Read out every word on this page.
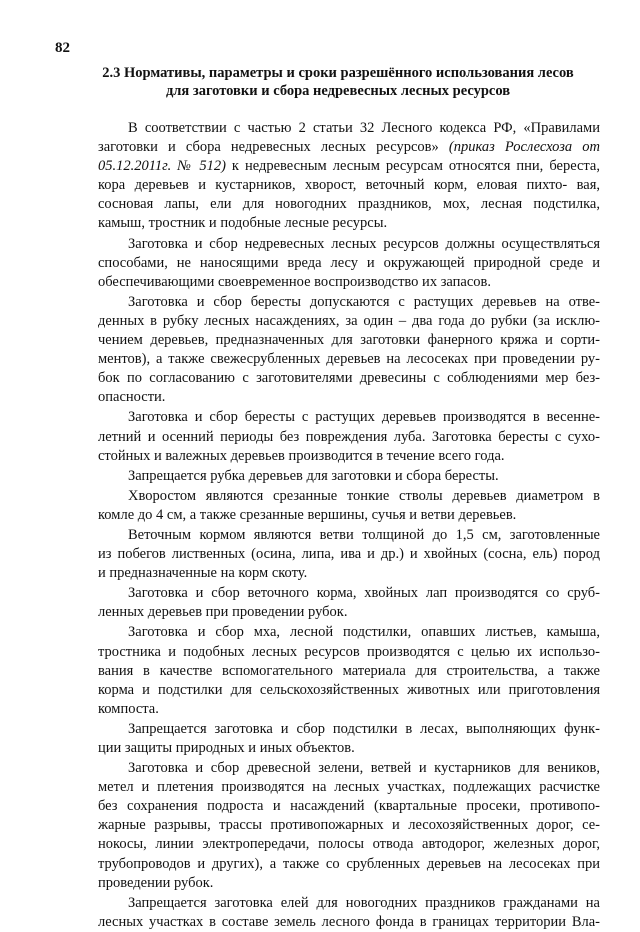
82
2.3 Нормативы, параметры и сроки разрешённого использования лесов
для заготовки и сбора недревесных лесных ресурсов

В соответствии с частью 2 статьи 32 Лесного кодекса РФ, «Правилами
заготовки и сбора недревесных лесных ресурсов» (приказ Рослесхоза от
05.12.2011г. № 512) к недревесным лесным ресурсам относятся пни, береста,
кора деревьев и кустарников, хворост, веточный корм, еловая пихто- вая,
сосновая лапы, ели для новогодних праздников, мох, лесная подстилка,
камыш, тростник и подобные лесные ресурсы.

Заготовка и сбор недревесных лесных ресурсов должны осуществляться
способами, не наносящими вреда лесу и окружающей природной среде и
обеспечивающими своевременное воспроизводство их запасов.

Заготовка и сбор бересты допускаются с растущих деревьев на отве-
денных в рубку лесных насаждениях, за один – два года до рубки (за исклю-
чением деревьев, предназначенных для заготовки фанерного кряжа и сорти-
ментов), а также свежесрубленных деревьев на лесосеках при проведении ру-
бок по согласованию с заготовителями древесины с соблюдениями мер без-
опасности.

Заготовка и сбор бересты с растущих деревьев производятся в весенне-
летний и осенний периоды без повреждения луба. Заготовка бересты с сухо-
стойных и валежных деревьев производится в течение всего года.

Запрещается рубка деревьев для заготовки и сбора бересты.

Хворостом являются срезанные тонкие стволы деревьев диаметром в
комле до 4 см, а также срезанные вершины, сучья и ветви деревьев.

Веточным кормом являются ветви толщиной до 1,5 см, заготовленные
из побегов лиственных (осина, липа, ива и др.) и хвойных (сосна, ель) пород
и предназначенные на корм скоту.

Заготовка и сбор веточного корма, хвойных лап производятся со сруб-
ленных деревьев при проведении рубок.

Заготовка и сбор мха, лесной подстилки, опавших листьев, камыша,
тростника и подобных лесных ресурсов производятся с целью их использо-
вания в качестве вспомогательного материала для строительства, а также
корма и подстилки для сельскохозяйственных животных или приготовления
компоста.

Запрещается заготовка и сбор подстилки в лесах, выполняющих функ-
ции защиты природных и иных объектов.

Заготовка и сбор древесной зелени, ветвей и кустарников для веников,
метел и плетения производятся на лесных участках, подлежащих расчистке
без сохранения подроста и насаждений (квартальные просеки, противопо-
жарные разрывы, трассы противопожарных и лесохозяйственных дорог, се-
нокосы, линии электропередачи, полосы отвода автодорог, железных дорог,
трубопроводов и других), а также со срубленных деревьев на лесосеках при
проведении рубок.

Запрещается заготовка елей для новогодних праздников гражданами на
лесных участках в составе земель лесного фонда в границах территории Вла-
